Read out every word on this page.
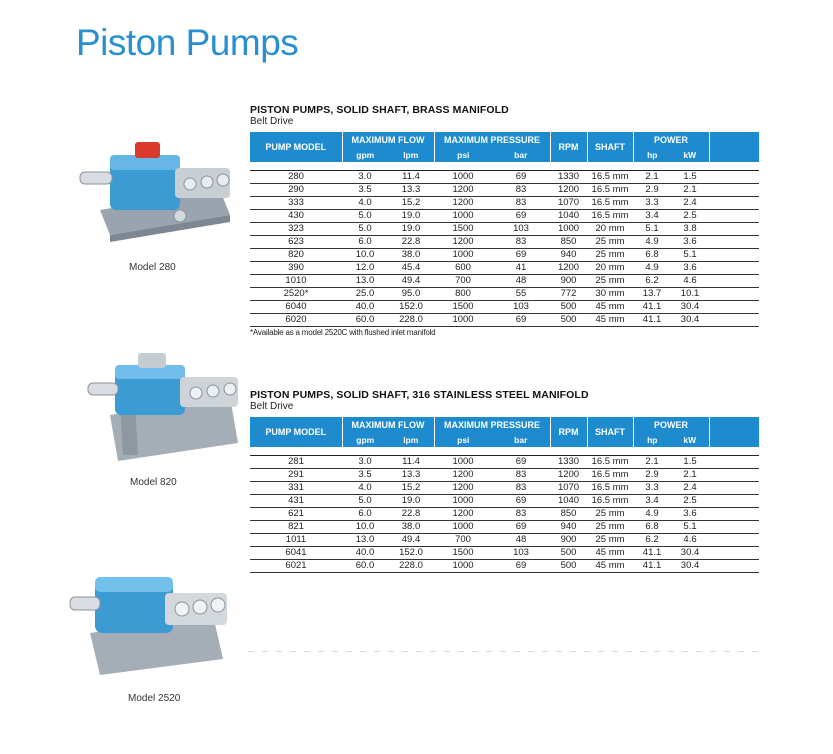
Piston Pumps
Model 280
Model 820
Model 2520
PISTON PUMPS, SOLID SHAFT, BRASS MANIFOLD
Belt Drive
PUMP MODEL	MAXIMUM FLOW		MAXIMUM PRESSURE		RPM	SHAFT	POWER		
	gpm	lpm	psi	bar			hp	kW	

280	3.0	11.4	1000	69	1330	16.5 mm	2.1	1.5	
290	3.5	13.3	1200	83	1200	16.5 mm	2.9	2.1	
333	4.0	15.2	1200	83	1070	16.5 mm	3.3	2.4	
430	5.0	19.0	1000	69	1040	16.5 mm	3.4	2.5	
323	5.0	19.0	1500	103	1000	20 mm	5.1	3.8	
623	6.0	22.8	1200	83	850	25 mm	4.9	3.6	
820	10.0	38.0	1000	69	940	25 mm	6.8	5.1	
390	12.0	45.4	600	41	1200	20 mm	4.9	3.6	
1010	13.0	49.4	700	48	900	25 mm	6.2	4.6	
2520*	25.0	95.0	800	55	772	30 mm	13.7	10.1	
6040	40.0	152.0	1500	103	500	45 mm	41.1	30.4	
6020	60.0	228.0	1000	69	500	45 mm	41.1	30.4	
*Available as a model 2520C with flushed inlet manifold
PISTON PUMPS, SOLID SHAFT, 316 STAINLESS STEEL MANIFOLD
Belt Drive
PUMP MODEL	MAXIMUM FLOW		MAXIMUM PRESSURE		RPM	SHAFT	POWER		
	gpm	lpm	psi	bar			hp	kW	

281	3.0	11.4	1000	69	1330	16.5 mm	2.1	1.5	
291	3.5	13.3	1200	83	1200	16.5 mm	2.9	2.1	
331	4.0	15.2	1200	83	1070	16.5 mm	3.3	2.4	
431	5.0	19.0	1000	69	1040	16.5 mm	3.4	2.5	
621	6.0	22.8	1200	83	850	25 mm	4.9	3.6	
821	10.0	38.0	1000	69	940	25 mm	6.8	5.1	
1011	13.0	49.4	700	48	900	25 mm	6.2	4.6	
6041	40.0	152.0	1500	103	500	45 mm	41.1	30.4	
6021	60.0	228.0	1000	69	500	45 mm	41.1	30.4	
